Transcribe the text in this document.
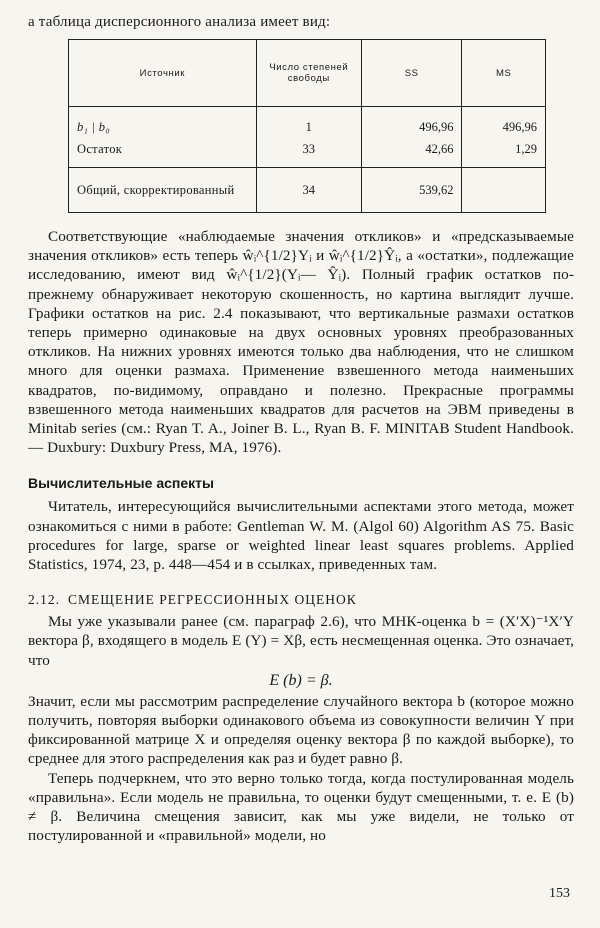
а таблица дисперсионного анализа имеет вид:

Источник	Число степеней свободы	SS	MS
b₁ | b₀	1	496,96	496,96
Остаток	33	42,66	1,29
Общий, скорректированный	34	539,62	

Соответствующие «наблюдаемые значения откликов» и «предсказываемые значения откликов» есть теперь ŵᵢ^{1/2}Yᵢ и ŵᵢ^{1/2}Ŷᵢ, а «остатки», подлежащие исследованию, имеют вид ŵᵢ^{1/2}(Yᵢ— Ŷᵢ). Полный график остатков по-прежнему обнаруживает некоторую скошенность, но картина выглядит лучше. Графики остатков на рис. 2.4 показывают, что вертикальные размахи остатков теперь примерно одинаковые на двух основных уровнях преобразованных откликов. На нижних уровнях имеются только два наблюдения, что не слишком много для оценки размаха. Применение взвешенного метода наименьших квадратов, по-видимому, оправдано и полезно. Прекрасные программы взвешенного метода наименьших квадратов для расчетов на ЭВМ приведены в Minitab series (см.: Ryan T. A., Joiner B. L., Ryan B. F. MINITAB Student Handbook.— Duxbury: Duxbury Press, MA, 1976).

Вычислительные аспекты

Читатель, интересующийся вычислительными аспектами этого метода, может ознакомиться с ними в работе: Gentleman W. M. (Algol 60) Algorithm AS 75. Basic procedures for large, sparse or weighted linear least squares problems. Applied Statistics, 1974, 23, p. 448—454 и в ссылках, приведенных там.

2.12. СМЕЩЕНИЕ РЕГРЕССИОННЫХ ОЦЕНОК

Мы уже указывали ранее (см. параграф 2.6), что МНК-оценка b = (X′X)⁻¹X′Y вектора β, входящего в модель E (Y) = Xβ, есть несмещенная оценка. Это означает, что

E (b) = β.

Значит, если мы рассмотрим распределение случайного вектора b (которое можно получить, повторяя выборки одинакового объема из совокупности величин Y при фиксированной матрице X и определяя оценку вектора β по каждой выборке), то среднее для этого распределения как раз и будет равно β.

Теперь подчеркнем, что это верно только тогда, когда постулированная модель «правильна». Если модель не правильна, то оценки будут смещенными, т. е. E (b) ≠ β. Величина смещения зависит, как мы уже видели, не только от постулированной и «правильной» модели, но

153
